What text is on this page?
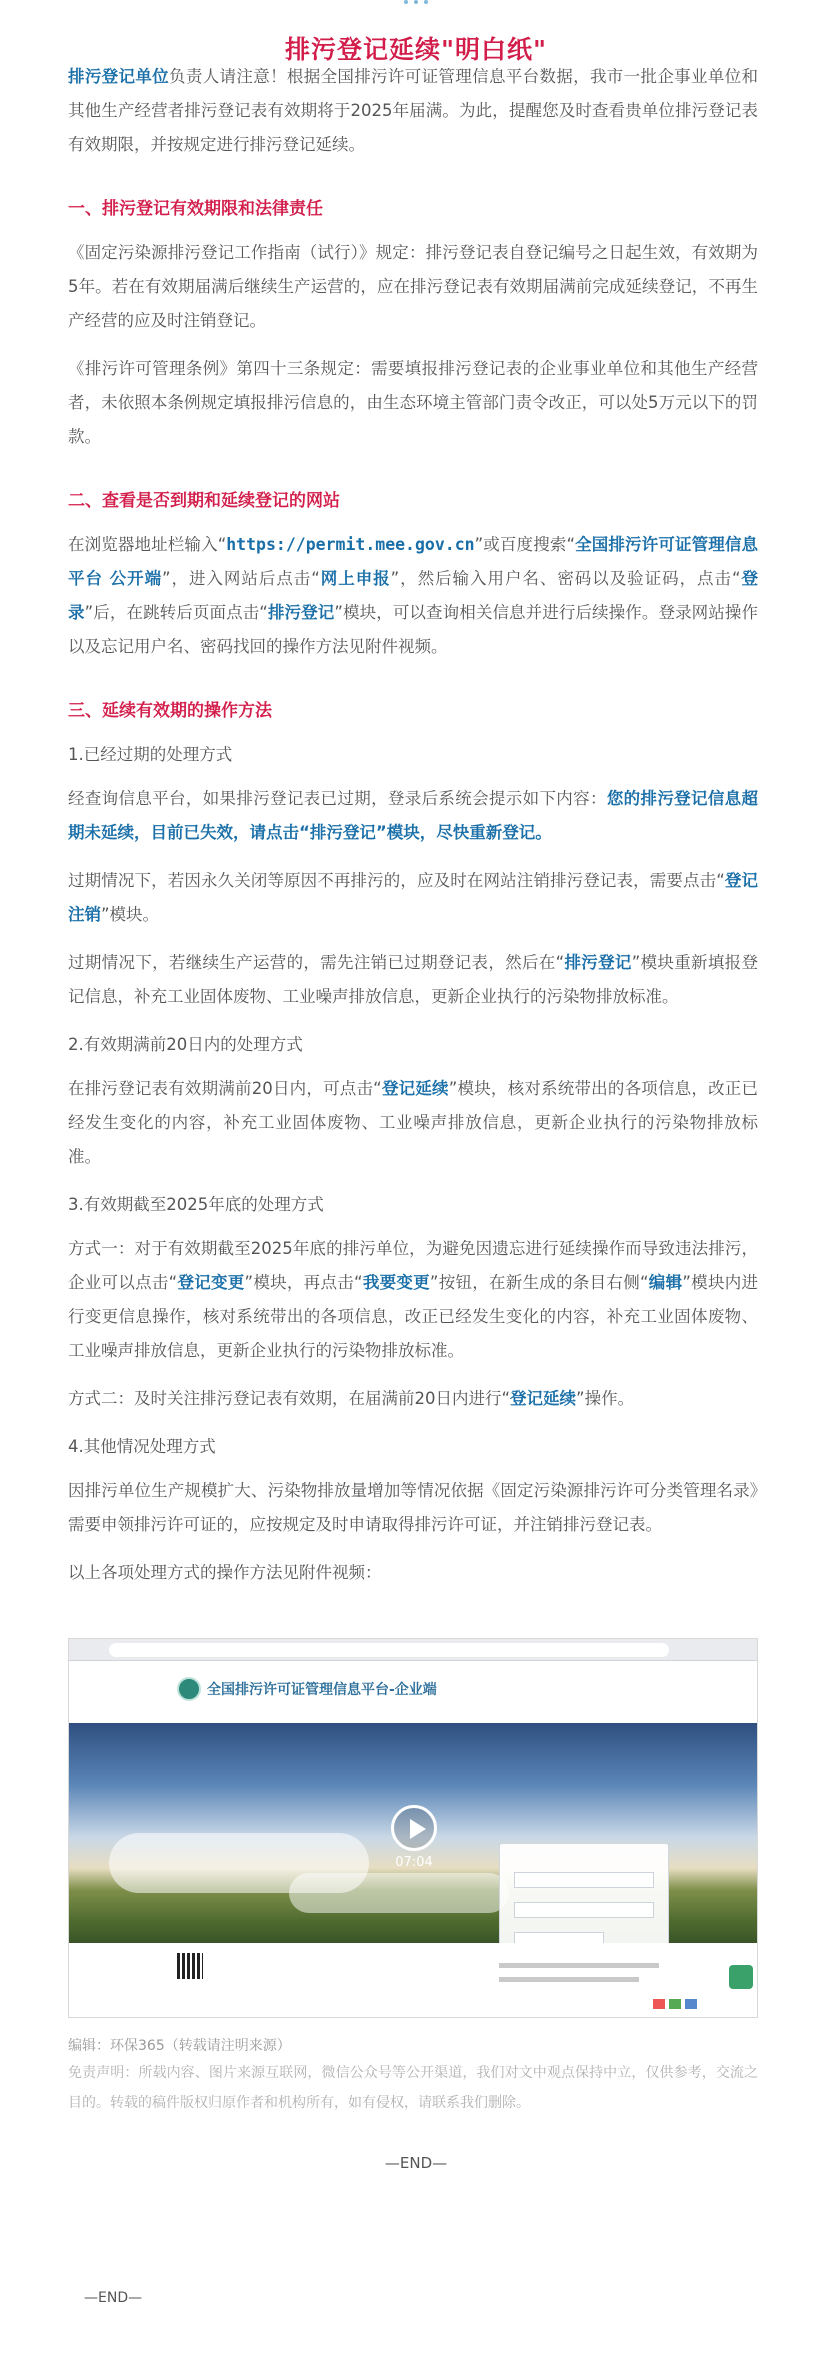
排污登记延续"明白纸"

排污登记单位负责人请注意！根据全国排污许可证管理信息平台数据，我市一批企事业单位和其他生产经营者排污登记表有效期将于2025年届满。为此，提醒您及时查看贵单位排污登记表有效期限，并按规定进行排污登记延续。

一、排污登记有效期限和法律责任

《固定污染源排污登记工作指南（试行）》规定：排污登记表自登记编号之日起生效，有效期为5年。若在有效期届满后继续生产运营的，应在排污登记表有效期届满前完成延续登记，不再生产经营的应及时注销登记。

《排污许可管理条例》第四十三条规定：需要填报排污登记表的企业事业单位和其他生产经营者，未依照本条例规定填报排污信息的，由生态环境主管部门责令改正，可以处5万元以下的罚款。

二、查看是否到期和延续登记的网站

在浏览器地址栏输入“https://permit.mee.gov.cn”或百度搜索“全国排污许可证管理信息平台 公开端”，进入网站后点击“网上申报”，然后输入用户名、密码以及验证码，点击“登录”后，在跳转后页面点击“排污登记”模块，可以查询相关信息并进行后续操作。登录网站操作以及忘记用户名、密码找回的操作方法见附件视频。

三、延续有效期的操作方法
1.已经过期的处理方式

经查询信息平台，如果排污登记表已过期，登录后系统会提示如下内容：您的排污登记信息超期未延续，目前已失效，请点击“排污登记”模块，尽快重新登记。

过期情况下，若因永久关闭等原因不再排污的，应及时在网站注销排污登记表，需要点击“登记注销”模块。

过期情况下，若继续生产运营的，需先注销已过期登记表，然后在“排污登记”模块重新填报登记信息，补充工业固体废物、工业噪声排放信息，更新企业执行的污染物排放标准。

2.有效期满前20日内的处理方式

在排污登记表有效期满前20日内，可点击“登记延续”模块，核对系统带出的各项信息，改正已经发生变化的内容，补充工业固体废物、工业噪声排放信息，更新企业执行的污染物排放标准。

3.有效期截至2025年底的处理方式

方式一：对于有效期截至2025年底的排污单位，为避免因遗忘进行延续操作而导致违法排污，企业可以点击“登记变更”模块，再点击“我要变更”按钮，在新生成的条目右侧“编辑”模块内进行变更信息操作，核对系统带出的各项信息，改正已经发生变化的内容，补充工业固体废物、工业噪声排放信息，更新企业执行的污染物排放标准。

方式二：及时关注排污登记表有效期，在届满前20日内进行“登记延续”操作。

4.其他情况处理方式

因排污单位生产规模扩大、污染物排放量增加等情况依据《固定污染源排污许可分类管理名录》需要申领排污许可证的，应按规定及时申请取得排污许可证，并注销排污登记表。

以上各项处理方式的操作方法见附件视频：

全国排污许可证管理信息平台-企业端
07:04
编辑：环保365（转载请注明来源）
免责声明：所载内容、图片来源互联网，微信公众号等公开渠道，我们对文中观点保持中立，仅供参考，交流之目的。转载的稿件版权归原作者和机构所有，如有侵权，请联系我们删除。
—END—
—END—
